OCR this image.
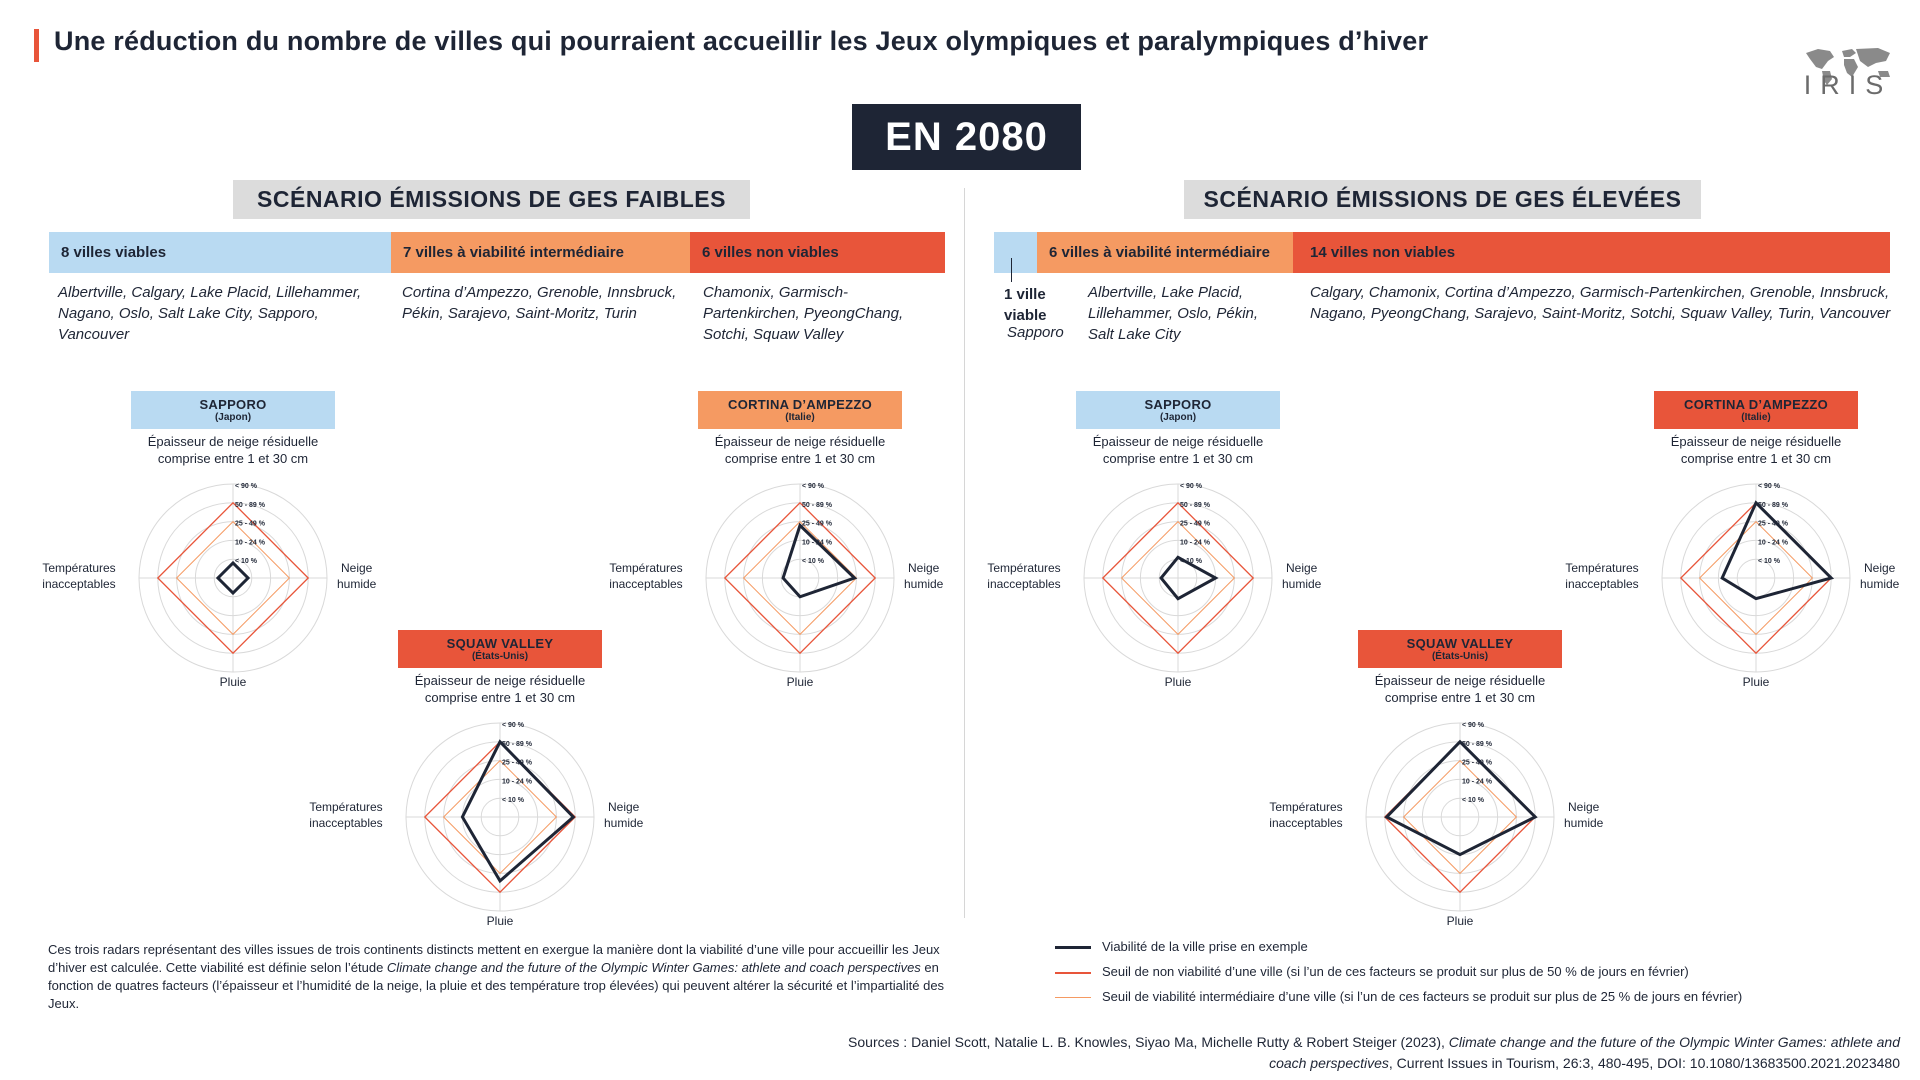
Une réduction du nombre de villes qui pourraient accueillir les Jeux olympiques et paralympiques d’hiver
IRIS
EN 2080
SCÉNARIO ÉMISSIONS DE GES FAIBLES	SCÉNARIO ÉMISSIONS DE GES ÉLEVÉES
8 villes viables	7 villes à viabilité intermédiaire	6 villes non viables
Albertville, Calgary, Lake Placid, Lillehammer, Nagano, Oslo, Salt Lake City, Sapporo, Vancouver
Cortina d’Ampezzo, Grenoble, Innsbruck, Pékin, Sarajevo, Saint-Moritz, Turin
Chamonix, Garmisch-Partenkirchen, PyeongChang, Sotchi, Squaw Valley
6 villes à viabilité intermédiaire	14 villes non viables
1 ville
viable
Sapporo
Albertville, Lake Placid, Lillehammer, Oslo, Pékin, Salt Lake City
Calgary, Chamonix, Cortina d’Ampezzo, Garmisch-Partenkirchen, Grenoble, Innsbruck, Nagano, PyeongChang, Sarajevo, Saint-Moritz, Sotchi, Squaw Valley, Turin, Vancouver
SAPPORO
(Japon)
Épaisseur de neige résiduelle
comprise entre 1 et 30 cm
Neige
humide
Températures
inacceptables
Pluie
< 10 %
10 - 24 %
25 - 49 %
50 - 89 %
< 90 %
CORTINA D’AMPEZZO
(Italie)
Épaisseur de neige résiduelle
comprise entre 1 et 30 cm
Neige
humide
Températures
inacceptables
Pluie
< 10 %
10 - 24 %
25 - 49 %
50 - 89 %
< 90 %
SQUAW VALLEY
(États-Unis)
Épaisseur de neige résiduelle
comprise entre 1 et 30 cm
Neige
humide
Températures
inacceptables
Pluie
< 10 %
10 - 24 %
25 - 49 %
50 - 89 %
< 90 %
SAPPORO
(Japon)
Épaisseur de neige résiduelle
comprise entre 1 et 30 cm
Neige
humide
Températures
inacceptables
Pluie
< 10 %
10 - 24 %
25 - 49 %
50 - 89 %
< 90 %
CORTINA D’AMPEZZO
(Italie)
Épaisseur de neige résiduelle
comprise entre 1 et 30 cm
Neige
humide
Températures
inacceptables
Pluie
< 10 %
10 - 24 %
25 - 49 %
50 - 89 %
< 90 %
SQUAW VALLEY
(États-Unis)
Épaisseur de neige résiduelle
comprise entre 1 et 30 cm
Neige
humide
Températures
inacceptables
Pluie
< 10 %
10 - 24 %
25 - 49 %
50 - 89 %
< 90 %
Ces trois radars représentant des villes issues de trois continents distincts mettent en exergue la manière dont la viabilité d’une ville pour accueillir les Jeux d’hiver est calculée. Cette viabilité est définie selon l’étude Climate change and the future of the Olympic Winter Games: athlete and coach perspectives en fonction de quatres facteurs (l’épaisseur et l’humidité de la neige, la pluie et des température trop élevées) qui peuvent altérer la sécurité et l’impartialité des Jeux.
Viabilité de la ville prise en exemple
Seuil de non viabilité d’une ville (si l’un de ces facteurs se produit sur plus de 50 % de jours en février)
Seuil de viabilité intermédiaire d’une ville (si l’un de ces facteurs se produit sur plus de 25 % de jours en février)
Sources : Daniel Scott, Natalie L. B. Knowles, Siyao Ma, Michelle Rutty & Robert Steiger (2023), Climate change and the future of the Olympic Winter Games: athlete and coach perspectives, Current Issues in Tourism, 26:3, 480-495, DOI: 10.1080/13683500.2021.2023480
